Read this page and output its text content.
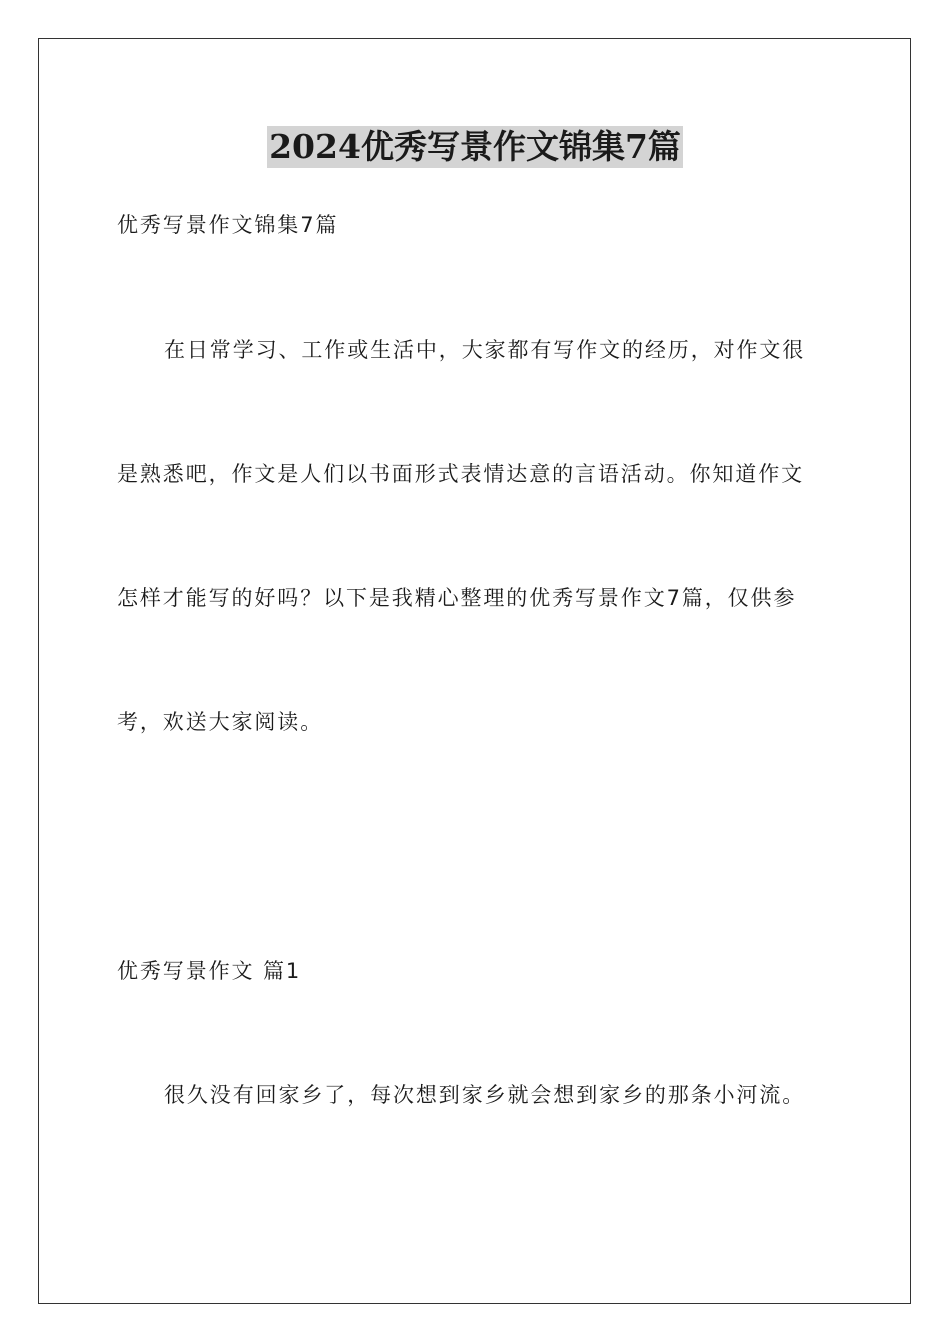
2024优秀写景作文锦集7篇
优秀写景作文锦集7篇
在日常学习、工作或生活中，大家都有写作文的经历，对作文很
是熟悉吧，作文是人们以书面形式表情达意的言语活动。你知道作文
怎样才能写的好吗？以下是我精心整理的优秀写景作文7篇，仅供参
考，欢送大家阅读。
优秀写景作文 篇1
很久没有回家乡了，每次想到家乡就会想到家乡的那条小河流。
